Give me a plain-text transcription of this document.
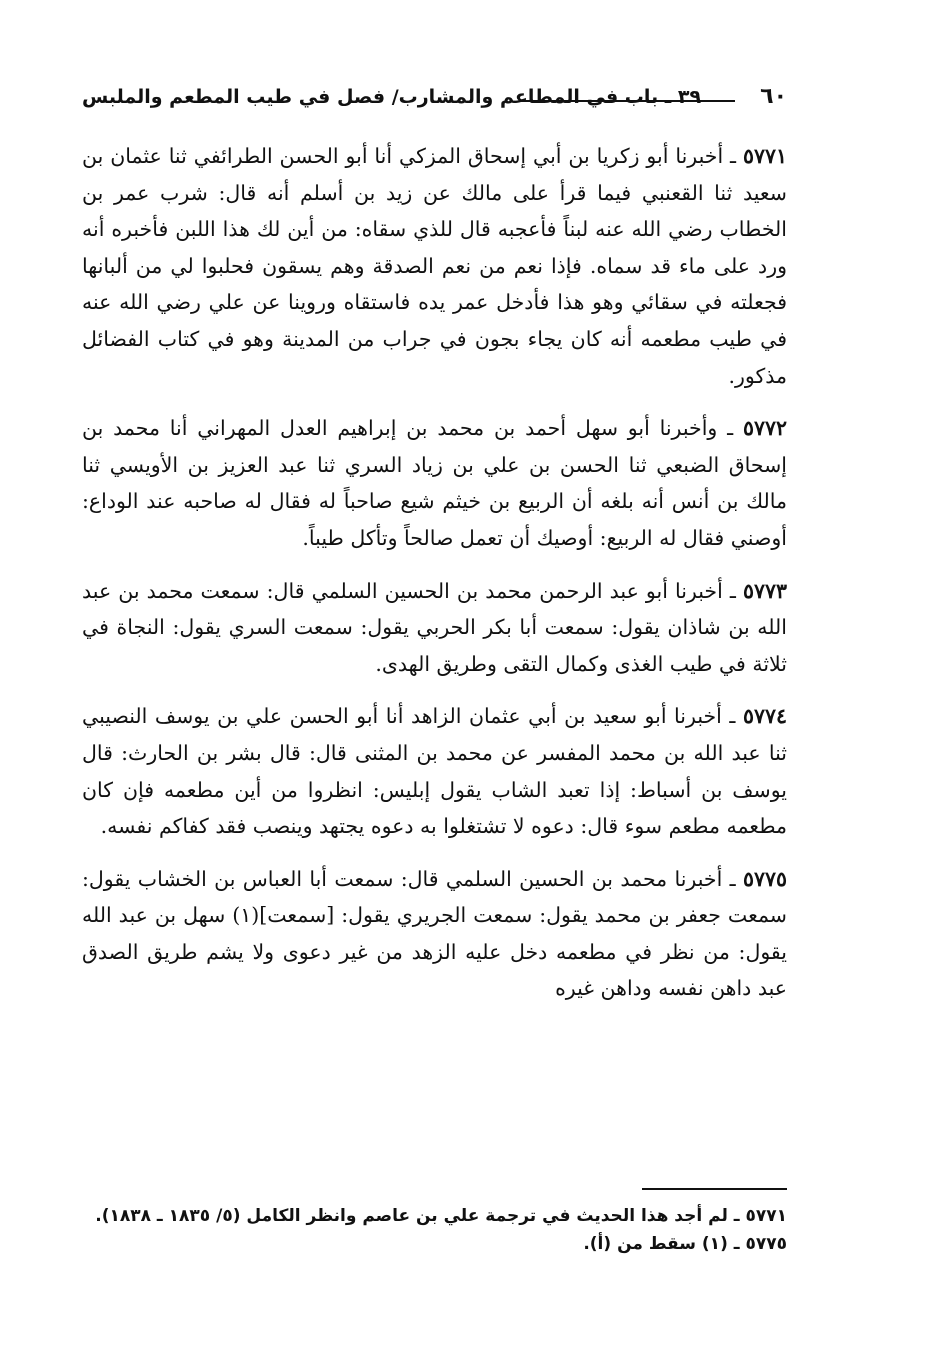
٦٠
٣٩ ـ باب في المطاعم والمشارب/ فصل في طيب المطعم والملبس

٥٧٧١ ـ أخبرنا أبو زكريا بن أبي إسحاق المزكي أنا أبو الحسن الطرائفي ثنا عثمان بن سعيد ثنا القعنبي فيما قرأ على مالك عن زيد بن أسلم أنه قال: شرب عمر بن الخطاب رضي الله عنه لبناً فأعجبه قال للذي سقاه: من أين لك هذا اللبن فأخبره أنه ورد على ماء قد سماه. فإذا نعم من نعم الصدقة وهم يسقون فحلبوا لي من ألبانها فجعلته في سقائي وهو هذا فأدخل عمر يده فاستقاه وروينا عن علي رضي الله عنه في طيب مطعمه أنه كان يجاء بجون في جراب من المدينة وهو في كتاب الفضائل مذكور.

٥٧٧٢ ـ وأخبرنا أبو سهل أحمد بن محمد بن إبراهيم العدل المهراني أنا محمد بن إسحاق الضبعي ثنا الحسن بن علي بن زياد السري ثنا عبد العزيز بن الأويسي ثنا مالك بن أنس أنه بلغه أن الربيع بن خيثم شيع صاحباً له فقال له صاحبه عند الوداع: أوصني فقال له الربيع: أوصيك أن تعمل صالحاً وتأكل طيباً.

٥٧٧٣ ـ أخبرنا أبو عبد الرحمن محمد بن الحسين السلمي قال: سمعت محمد بن عبد الله بن شاذان يقول: سمعت أبا بكر الحربي يقول: سمعت السري يقول: النجاة في ثلاثة في طيب الغذى وكمال التقى وطريق الهدى.

٥٧٧٤ ـ أخبرنا أبو سعيد بن أبي عثمان الزاهد أنا أبو الحسن علي بن يوسف النصيبي ثنا عبد الله بن محمد المفسر عن محمد بن المثنى قال: قال بشر بن الحارث: قال يوسف بن أسباط: إذا تعبد الشاب يقول إبليس: انظروا من أين مطعمه فإن كان مطعمه مطعم سوء قال: دعوه لا تشتغلوا به دعوه يجتهد وينصب فقد كفاكم نفسه.

٥٧٧٥ ـ أخبرنا محمد بن الحسين السلمي قال: سمعت أبا العباس بن الخشاب يقول: سمعت جعفر بن محمد يقول: سمعت الجريري يقول: [سمعت](١) سهل بن عبد الله يقول: من نظر في مطعمه دخل عليه الزهد من غير دعوى ولا يشم طريق الصدق عبد داهن نفسه وداهن غيره

٥٧٧١ ـ لم أجد هذا الحديث في ترجمة علي بن عاصم وانظر الكامل (٥/ ١٨٣٥ ـ ١٨٣٨).

٥٧٧٥ ـ (١) سقط من (أ).
